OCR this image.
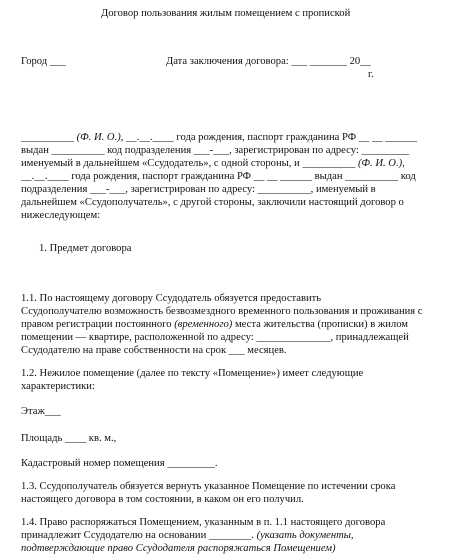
Договор пользования жилым помещением с пропиской
Город ___	Дата заключения договора: ___ _______ 20__
г.
__________ (Ф. И. О.), __.__.____ года рождения, паспорт гражданина РФ __ __ ______
выдан __________ код подразделения ___-___, зарегистрирован по адресу: _________
именуемый в дальнейшем «Ссудодатель», с одной стороны, и __________ (Ф. И. О.),
__.__.____ года рождения, паспорт гражданина РФ __ __ ______ выдан __________ код
подразделения ___-___, зарегистрирован по адресу: __________, именуемый в
дальнейшем «Ссудополучатель», с другой стороны, заключили настоящий договор о
нижеследующем:
1. Предмет договора
1.1. По настоящему договору Ссудодатель обязуется предоставить
Ссудополучателю возможность безвозмездного временного пользования и проживания с
правом регистрации постоянного (временного) места жительства (прописки) в жилом
помещении — квартире, расположенной по адресу: ______________, принадлежащей
Ссудодателю на праве собственности на срок ___ месяцев.
1.2. Нежилое помещение (далее по тексту «Помещение») имеет следующие
характеристики:
Этаж___
Площадь ____ кв. м.,
Кадастровый номер помещения _________.
1.3. Ссудополучатель обязуется вернуть указанное Помещение по истечении срока
настоящего договора в том состоянии, в каком он его получил.
1.4. Право распоряжаться Помещением, указанным в п. 1.1 настоящего договора
принадлежит Ссудодателю на основании ________. (указать документы,
подтверждающие право Ссудодателя распоряжаться Помещением)
